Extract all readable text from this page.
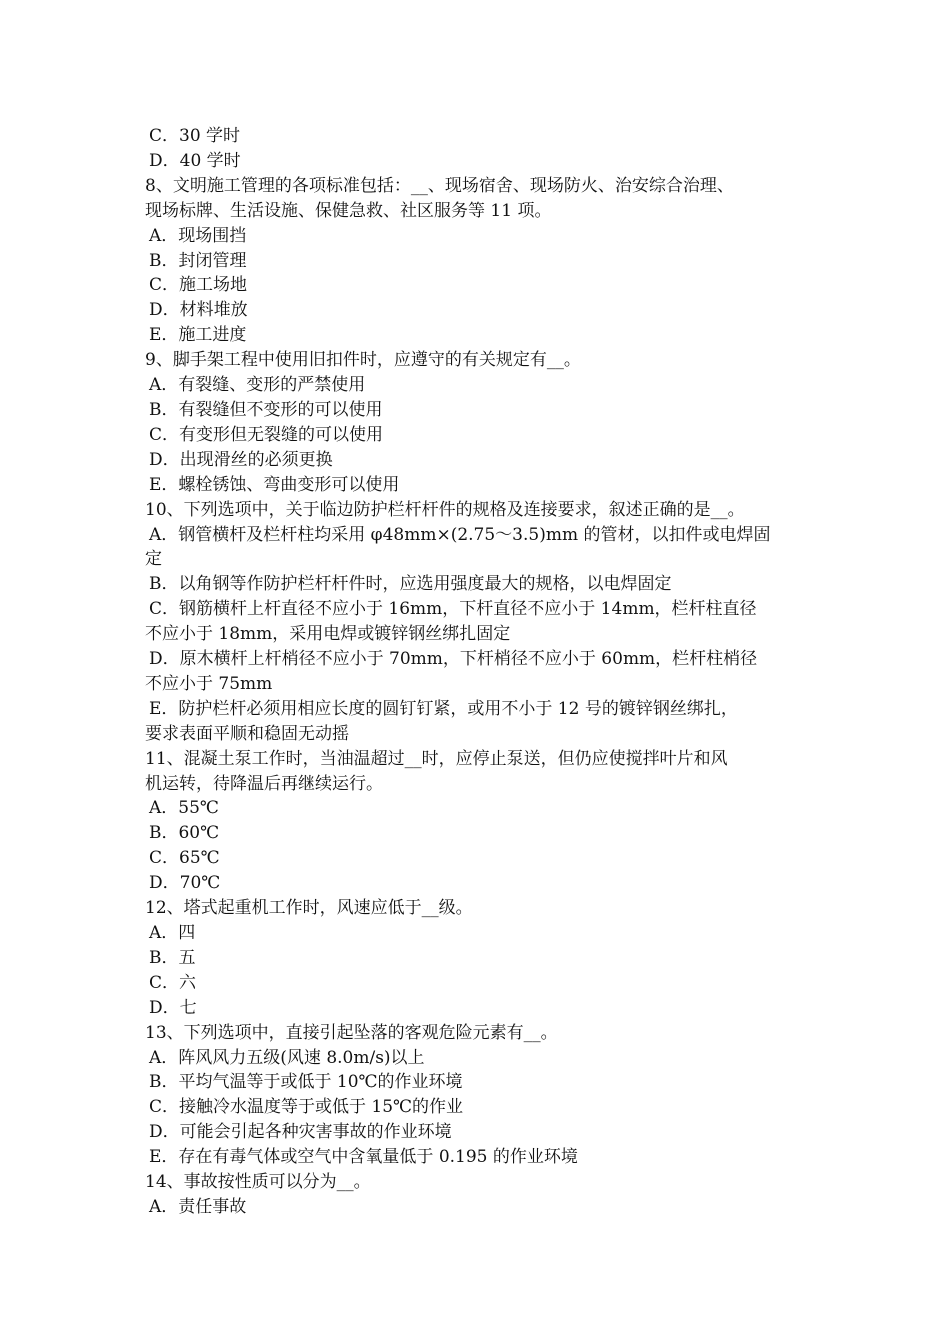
C．30 学时

D．40 学时

8、文明施工管理的各项标准包括：__、现场宿舍、现场防火、治安综合治理、

现场标牌、生活设施、保健急救、社区服务等 11 项。

A．现场围挡

B．封闭管理

C．施工场地

D．材料堆放

E．施工进度

9、脚手架工程中使用旧扣件时，应遵守的有关规定有__。

A．有裂缝、变形的严禁使用

B．有裂缝但不变形的可以使用

C．有变形但无裂缝的可以使用

D．出现滑丝的必须更换

E．螺栓锈蚀、弯曲变形可以使用

10、下列选项中，关于临边防护栏杆杆件的规格及连接要求，叙述正确的是__。

A．钢管横杆及栏杆柱均采用 φ48mm×(2.75～3.5)mm 的管材，以扣件或电焊固

定

B．以角钢等作防护栏杆杆件时，应选用强度最大的规格，以电焊固定

C．钢筋横杆上杆直径不应小于 16mm，下杆直径不应小于 14mm，栏杆柱直径

不应小于 18mm，采用电焊或镀锌钢丝绑扎固定

D．原木横杆上杆梢径不应小于 70mm，下杆梢径不应小于 60mm，栏杆柱梢径

不应小于 75mm

E．防护栏杆必须用相应长度的圆钉钉紧，或用不小于 12 号的镀锌钢丝绑扎，

要求表面平顺和稳固无动摇

11、混凝土泵工作时，当油温超过__时，应停止泵送，但仍应使搅拌叶片和风

机运转，待降温后再继续运行。

A．55℃

B．60℃

C．65℃

D．70℃

12、塔式起重机工作时，风速应低于__级。

A．四

B．五

C．六

D．七

13、下列选项中，直接引起坠落的客观危险元素有__。

A．阵风风力五级(风速 8.0m/s)以上

B．平均气温等于或低于 10℃的作业环境

C．接触冷水温度等于或低于 15℃的作业

D．可能会引起各种灾害事故的作业环境

E．存在有毒气体或空气中含氧量低于 0.195 的作业环境

14、事故按性质可以分为__。

A．责任事故
